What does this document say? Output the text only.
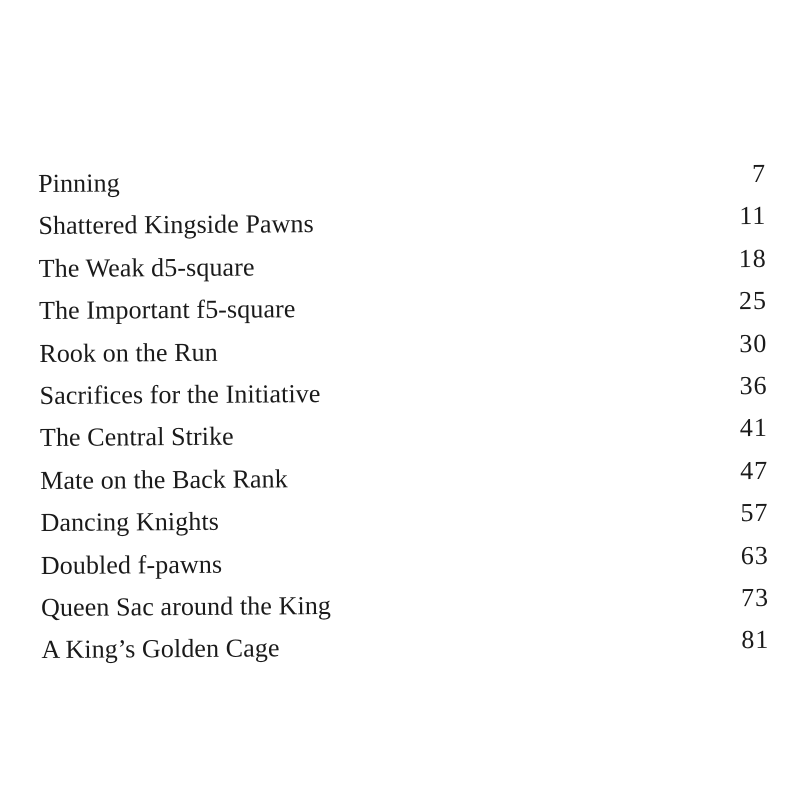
Pinning	7
Shattered Kingside Pawns	11
The Weak d5-square	18
The Important f5-square	25
Rook on the Run	30
Sacrifices for the Initiative	36
The Central Strike	41
Mate on the Back Rank	47
Dancing Knights	57
Doubled f-pawns	63
Queen Sac around the King	73
A King’s Golden Cage	81
